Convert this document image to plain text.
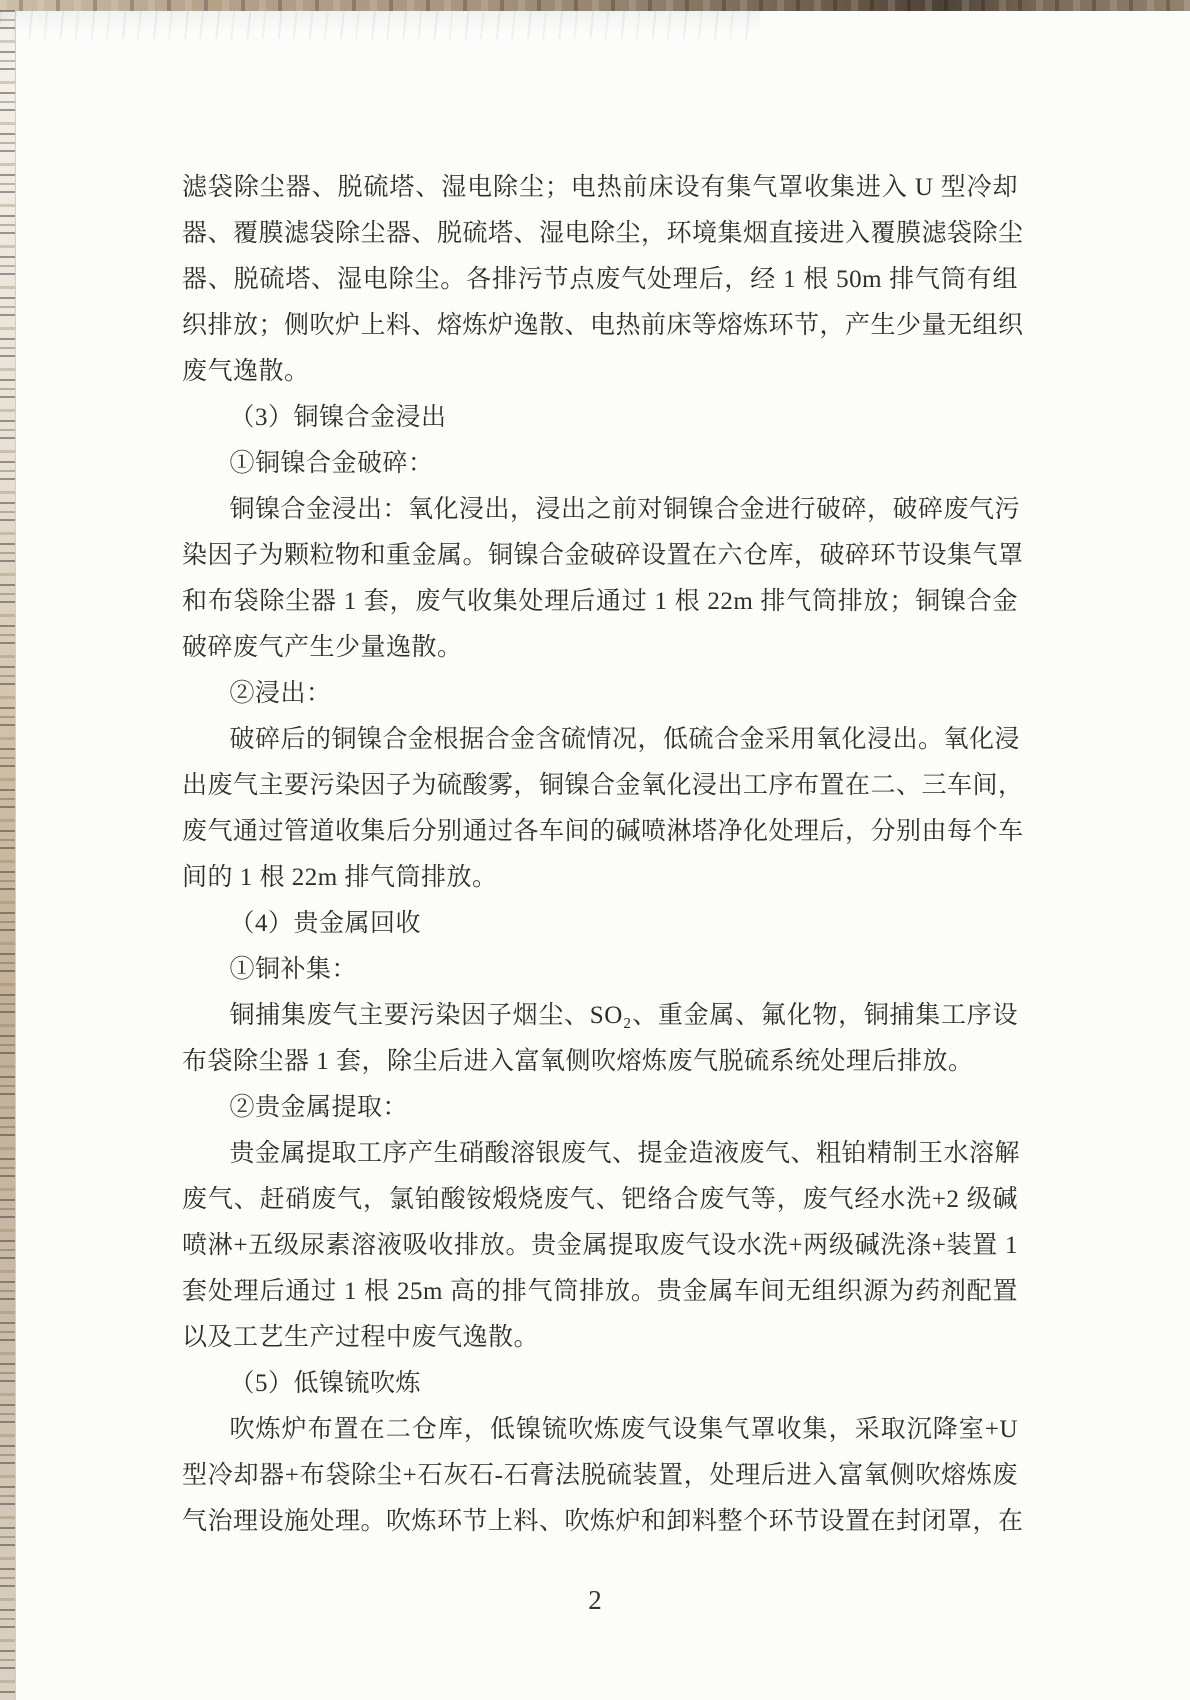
滤袋除尘器、脱硫塔、湿电除尘；电热前床设有集气罩收集进入 U 型冷却
器、覆膜滤袋除尘器、脱硫塔、湿电除尘，环境集烟直接进入覆膜滤袋除尘
器、脱硫塔、湿电除尘。各排污节点废气处理后，经 1 根 50m 排气筒有组
织排放；侧吹炉上料、熔炼炉逸散、电热前床等熔炼环节，产生少量无组织
废气逸散。
（3）铜镍合金浸出
①铜镍合金破碎：
铜镍合金浸出：氧化浸出，浸出之前对铜镍合金进行破碎，破碎废气污
染因子为颗粒物和重金属。铜镍合金破碎设置在六仓库，破碎环节设集气罩
和布袋除尘器 1 套，废气收集处理后通过 1 根 22m 排气筒排放；铜镍合金
破碎废气产生少量逸散。
②浸出：
破碎后的铜镍合金根据合金含硫情况，低硫合金采用氧化浸出。氧化浸
出废气主要污染因子为硫酸雾，铜镍合金氧化浸出工序布置在二、三车间，
废气通过管道收集后分别通过各车间的碱喷淋塔净化处理后，分别由每个车
间的 1 根 22m 排气筒排放。
（4）贵金属回收
①铜补集：
铜捕集废气主要污染因子烟尘、SO₂、重金属、氟化物，铜捕集工序设
布袋除尘器 1 套，除尘后进入富氧侧吹熔炼废气脱硫系统处理后排放。
②贵金属提取：
贵金属提取工序产生硝酸溶银废气、提金造液废气、粗铂精制王水溶解
废气、赶硝废气，氯铂酸铵煅烧废气、钯络合废气等，废气经水洗+2 级碱
喷淋+五级尿素溶液吸收排放。贵金属提取废气设水洗+两级碱洗涤+装置 1
套处理后通过 1 根 25m 高的排气筒排放。贵金属车间无组织源为药剂配置
以及工艺生产过程中废气逸散。
（5）低镍锍吹炼
吹炼炉布置在二仓库，低镍锍吹炼废气设集气罩收集，采取沉降室+U
型冷却器+布袋除尘+石灰石-石膏法脱硫装置，处理后进入富氧侧吹熔炼废
气治理设施处理。吹炼环节上料、吹炼炉和卸料整个环节设置在封闭罩，在
2
